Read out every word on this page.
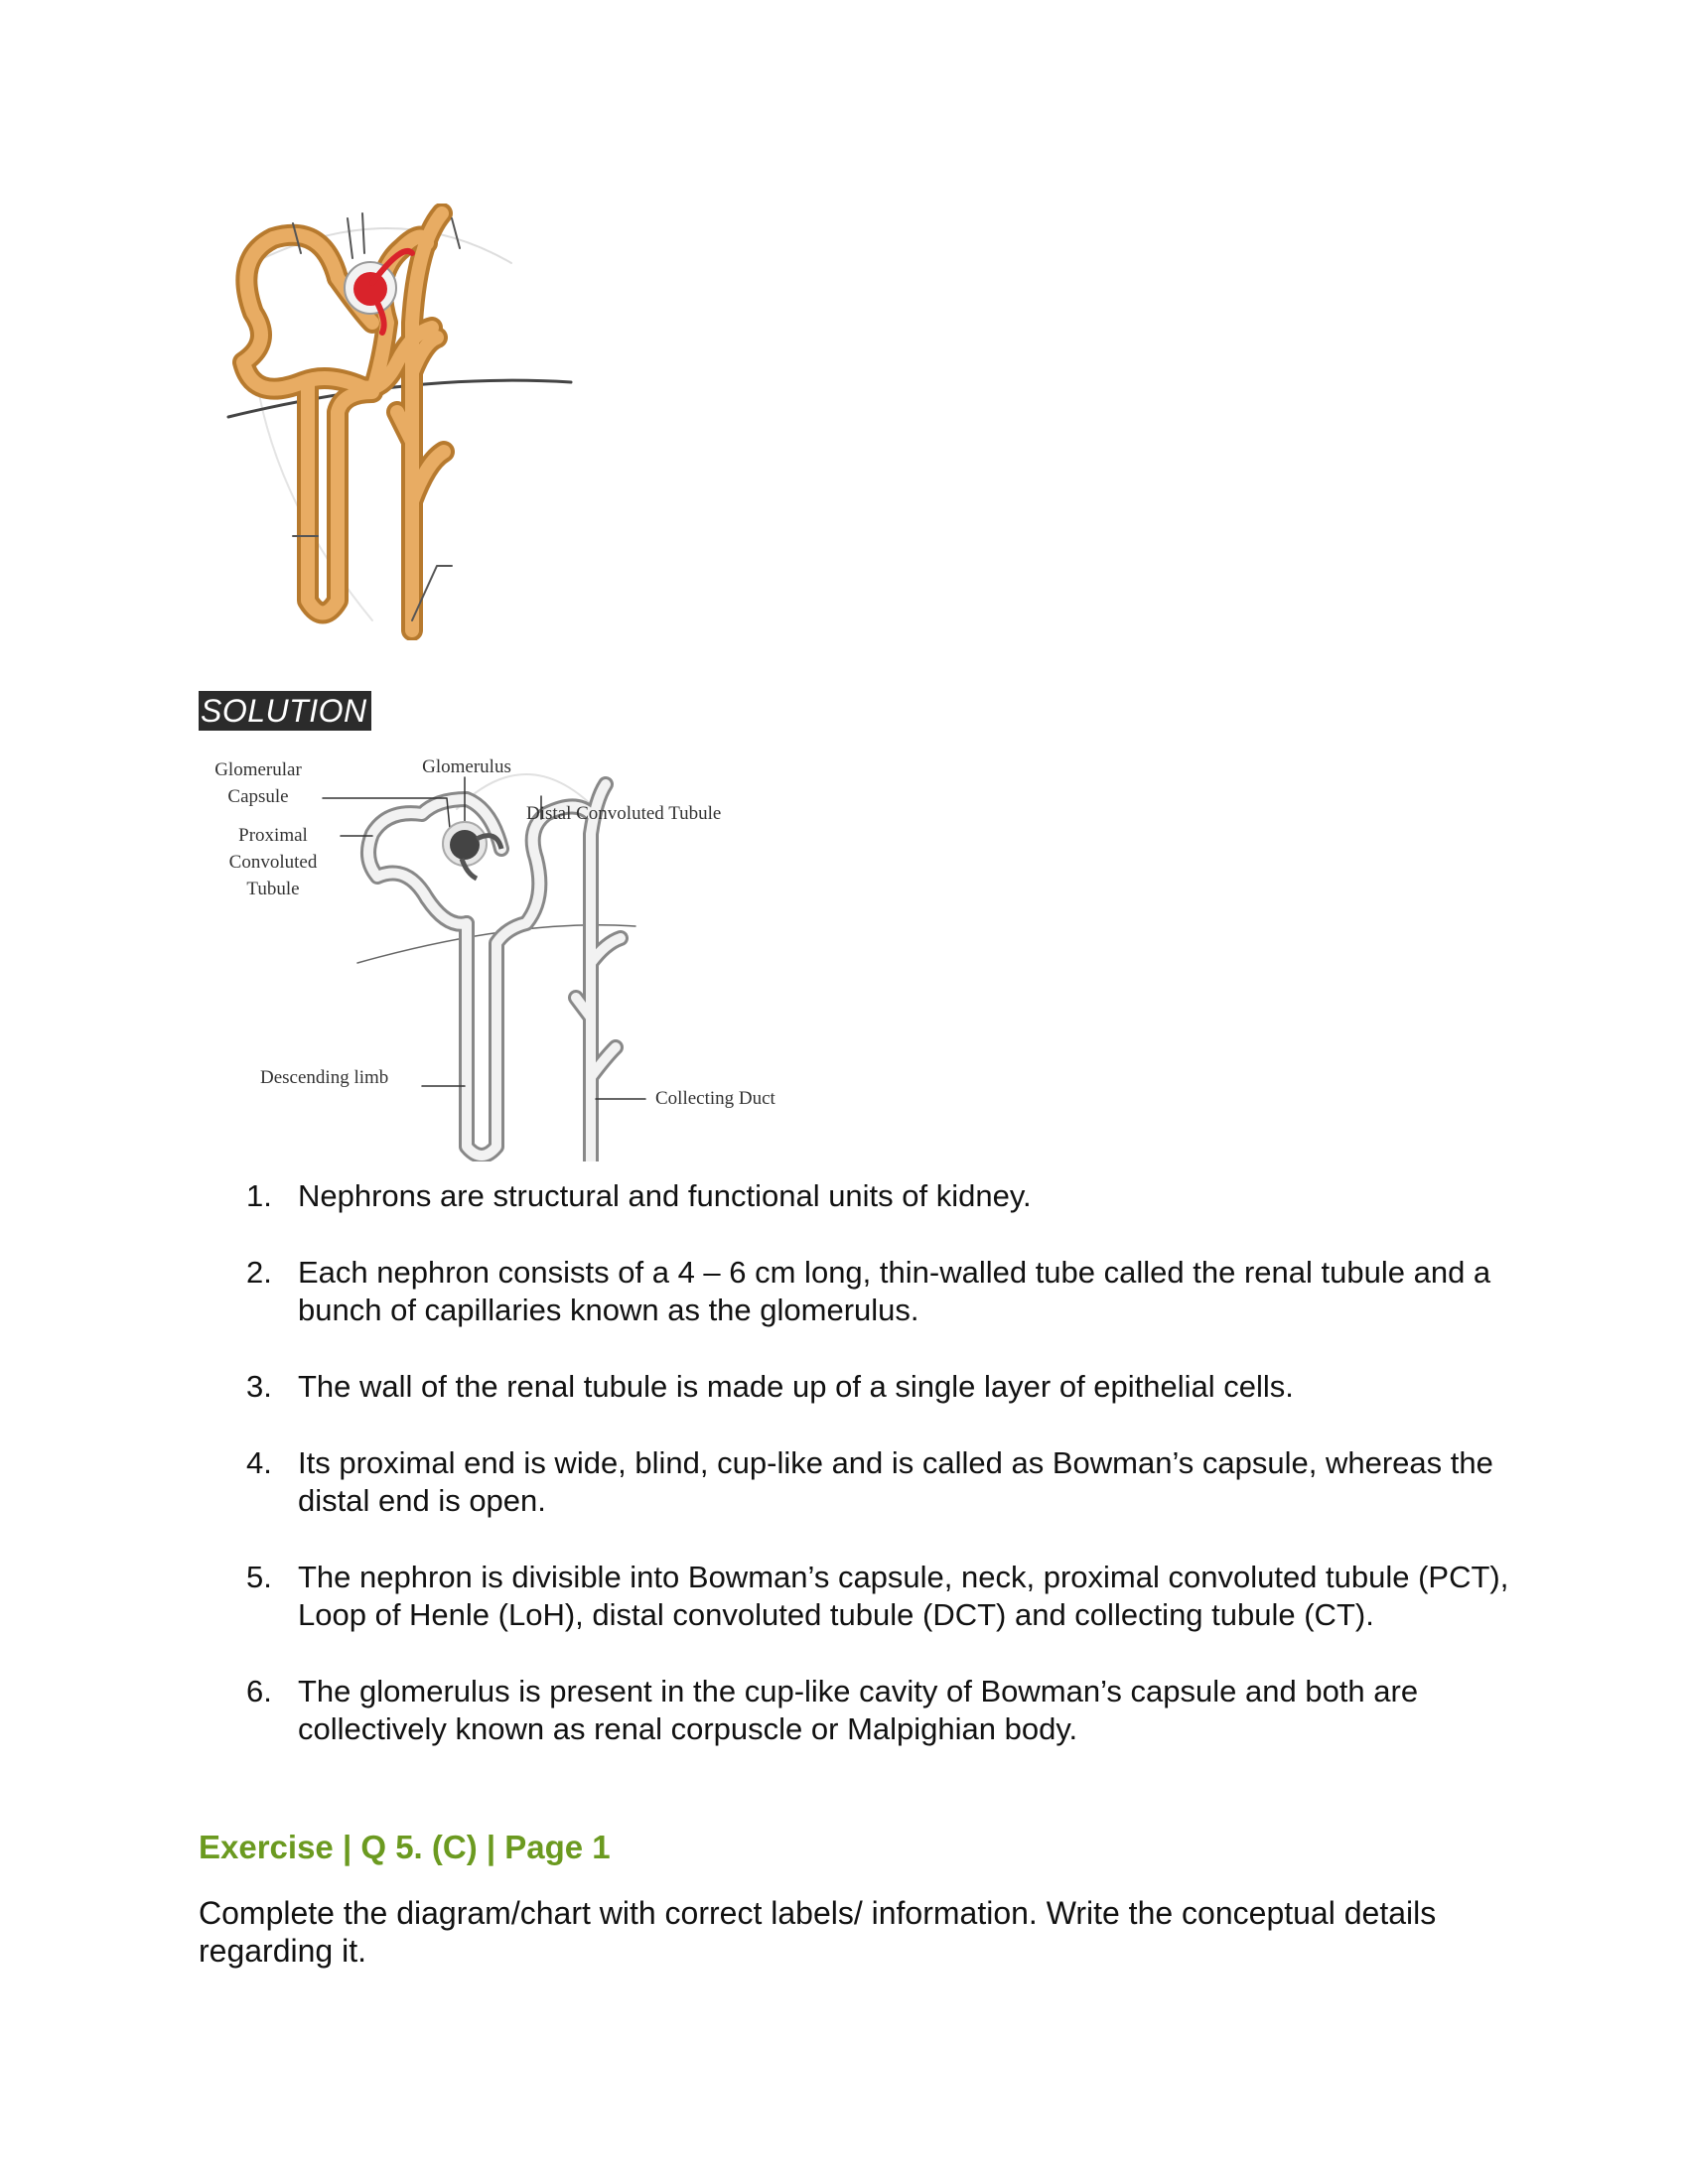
SOLUTION
Glomerular
Capsule
Glomerulus
Distal Convoluted Tubule
Proximal
Convoluted
Tubule
Descending limb
Collecting Duct
1. Nephrons are structural and functional units of kidney.
2. Each nephron consists of a 4 – 6 cm long, thin-walled tube called the renal tubule and a bunch of capillaries known as the glomerulus.
3. The wall of the renal tubule is made up of a single layer of epithelial cells.
4. Its proximal end is wide, blind, cup-like and is called as Bowman’s capsule, whereas the distal end is open.
5. The nephron is divisible into Bowman’s capsule, neck, proximal convoluted tubule (PCT), Loop of Henle (LoH), distal convoluted tubule (DCT) and collecting tubule (CT).
6. The glomerulus is present in the cup-like cavity of Bowman’s capsule and both are collectively known as renal corpuscle or Malpighian body.
Exercise | Q 5. (C) | Page 1

Complete the diagram/chart with correct labels/ information. Write the conceptual details regarding it.
